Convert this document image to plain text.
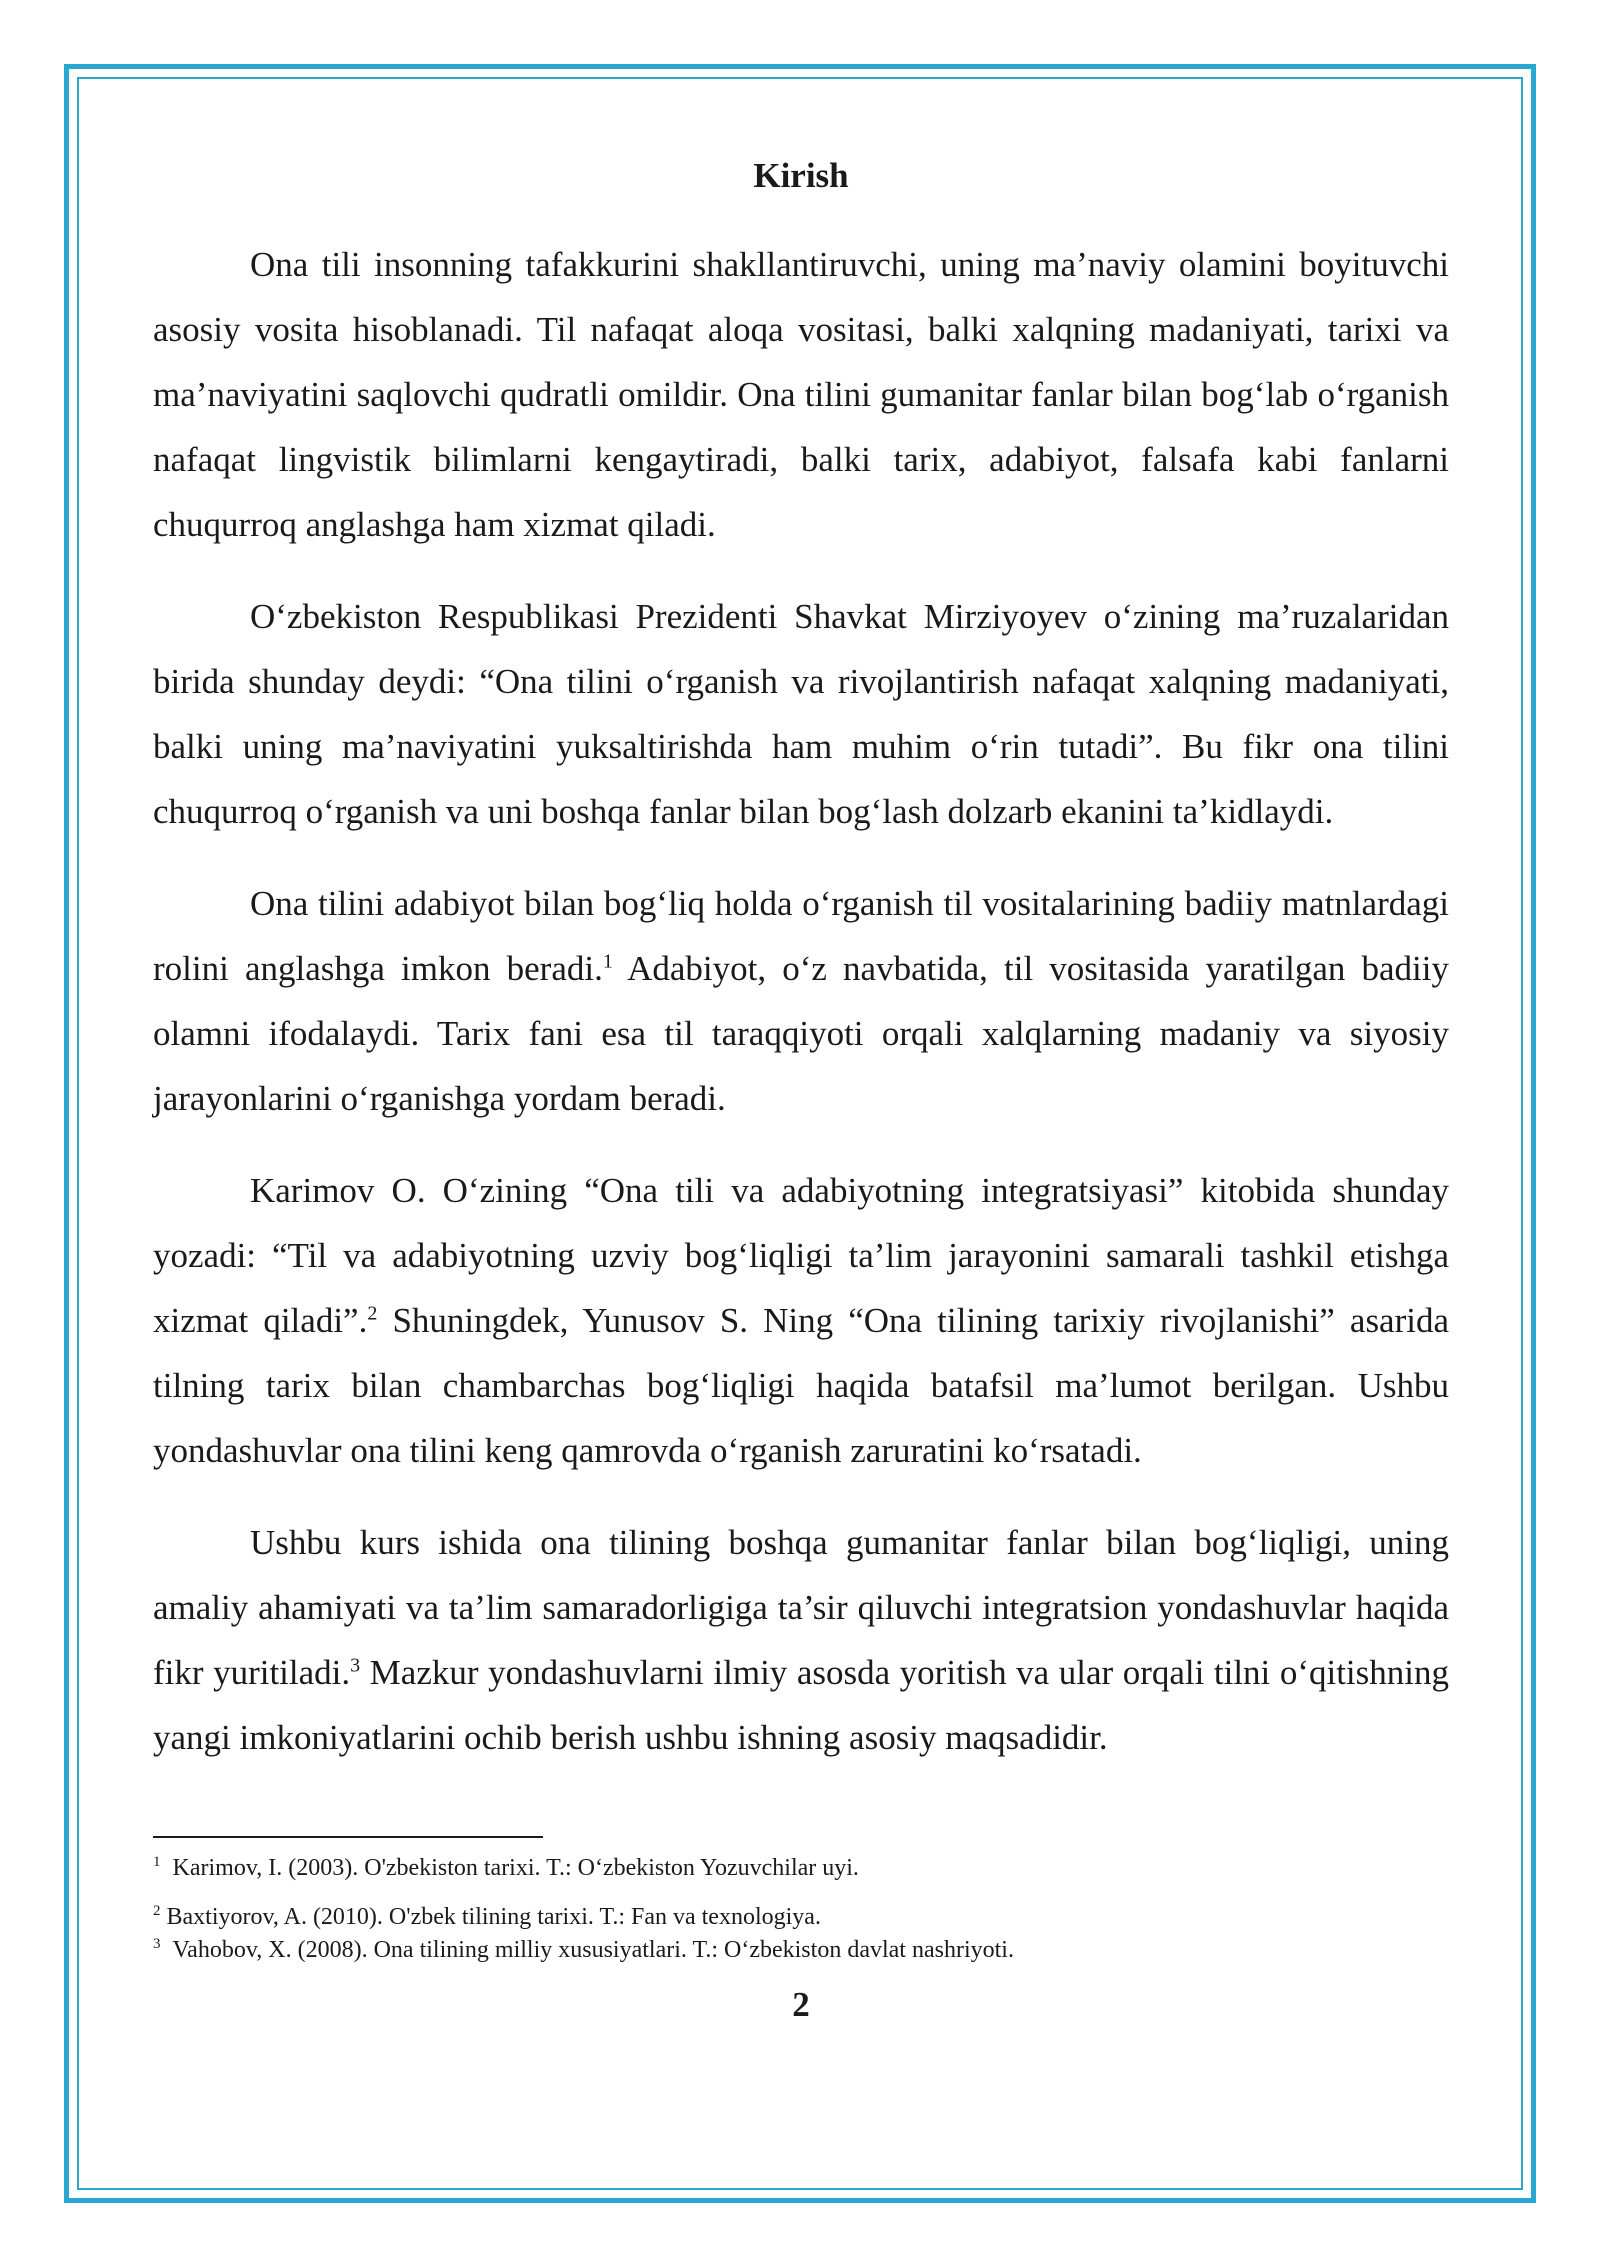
Kirish

Ona tili insonning tafakkurini shakllantiruvchi, uning ma’naviy olamini boyituvchi asosiy vosita hisoblanadi. Til nafaqat aloqa vositasi, balki xalqning madaniyati, tarixi va ma’naviyatini saqlovchi qudratli omildir. Ona tilini gumanitar fanlar bilan bog‘lab o‘rganish nafaqat lingvistik bilimlarni kengaytiradi, balki tarix, adabiyot, falsafa kabi fanlarni chuqurroq anglashga ham xizmat qiladi.

O‘zbekiston Respublikasi Prezidenti Shavkat Mirziyoyev o‘zining ma’ruzalaridan birida shunday deydi: “Ona tilini o‘rganish va rivojlantirish nafaqat xalqning madaniyati, balki uning ma’naviyatini yuksaltirishda ham muhim o‘rin tutadi”. Bu fikr ona tilini chuqurroq o‘rganish va uni boshqa fanlar bilan bog‘lash dolzarb ekanini ta’kidlaydi.

Ona tilini adabiyot bilan bog‘liq holda o‘rganish til vositalarining badiiy matnlardagi rolini anglashga imkon beradi.$^1$ Adabiyot, o‘z navbatida, til vositasida yaratilgan badiiy olamni ifodalaydi. Tarix fani esa til taraqqiyoti orqali xalqlarning madaniy va siyosiy jarayonlarini o‘rganishga yordam beradi.

Karimov O. O‘zining “Ona tili va adabiyotning integratsiyasi” kitobida shunday yozadi: “Til va adabiyotning uzviy bog‘liqligi ta’lim jarayonini samarali tashkil etishga xizmat qiladi”.$^2$ Shuningdek, Yunusov S. Ning “Ona tilining tarixiy rivojlanishi” asarida tilning tarix bilan chambarchas bog‘liqligi haqida batafsil ma’lumot berilgan. Ushbu yondashuvlar ona tilini keng qamrovda o‘rganish zaruratini ko‘rsatadi.

Ushbu kurs ishida ona tilining boshqa gumanitar fanlar bilan bog‘liqligi, uning amaliy ahamiyati va ta’lim samaradorligiga ta’sir qiluvchi integratsion yondashuvlar haqida fikr yuritiladi.$^3$ Mazkur yondashuvlarni ilmiy asosda yoritish va ular orqali tilni o‘qitishning yangi imkoniyatlarini ochib berish ushbu ishning asosiy maqsadidir.

$^1$ Karimov, I. (2003). O'zbekiston tarixi. T.: O‘zbekiston Yozuvchilar uyi.

$^2$ Baxtiyorov, A. (2010). O'zbek tilining tarixi. T.: Fan va texnologiya.

$^3$ Vahobov, X. (2008). Ona tilining milliy xususiyatlari. T.: O‘zbekiston davlat nashriyoti.

2
